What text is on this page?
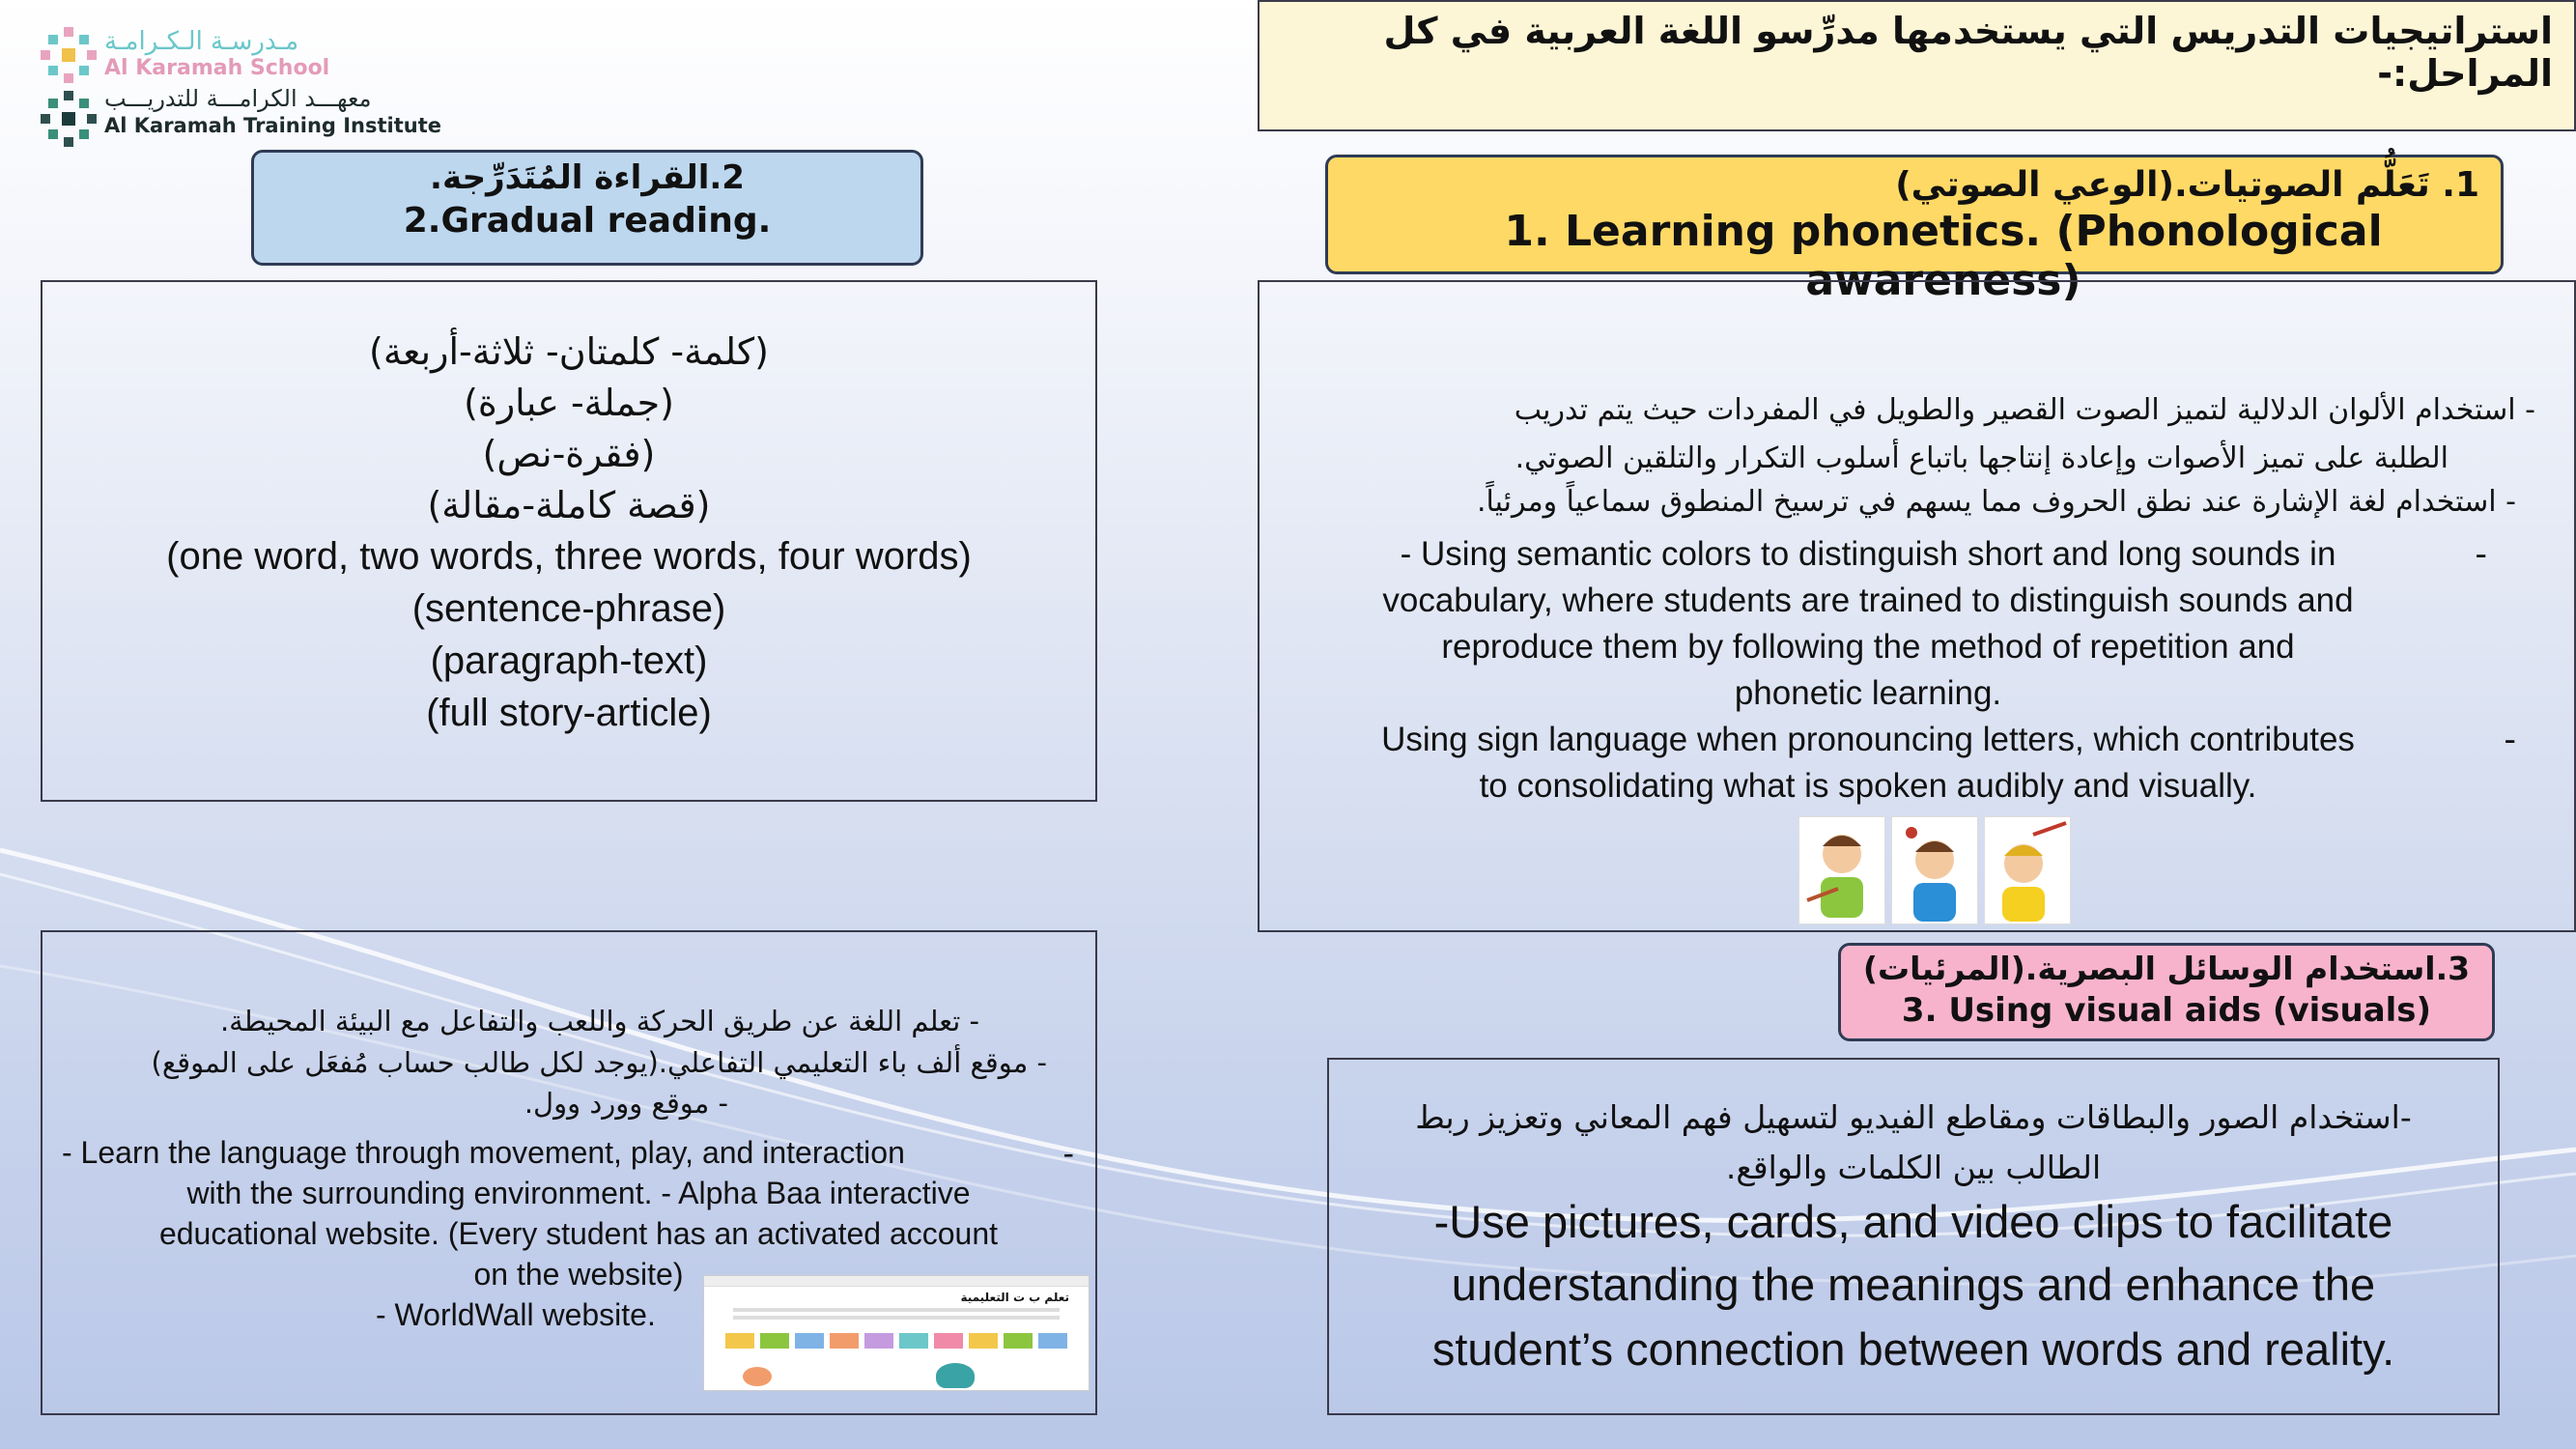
مـدرسـة الـكـرامـة
Al Karamah School
معهـــد الكرامـــة للتدريـــب
Al Karamah Training Institute
استراتيجيات التدريس التي يستخدمها مدرِّسو اللغة العربية في كل المراحل:-
1. تَعَلُّم الصوتيات.(الوعي الصوتي)
1. Learning phonetics. (Phonological awareness)
- استخدام الألوان الدلالية لتميز الصوت القصير والطويل في المفردات حيث يتم تدريب
الطلبة على تميز الأصوات وإعادة إنتاجها باتباع أسلوب التكرار والتلقين الصوتي.
- استخدام لغة الإشارة عند نطق الحروف مما يسهم في ترسيخ المنطوق سماعياً ومرئياً.
- Using semantic colors to distinguish short and long sounds in	-
vocabulary, where students are trained to distinguish sounds and
reproduce them by following the method of repetition and
phonetic learning.
Using sign language when pronouncing letters, which contributes	-
to consolidating what is spoken audibly and visually.
2.القراءة المُتَدَرِّجة.
2.Gradual reading.
(كلمة- كلمتان- ثلاثة-أربعة)
(جملة- عبارة)
(فقرة-نص)
(قصة كاملة-مقالة)
(one word, two words, three words, four words)
(sentence-phrase)
(paragraph-text)
(full story-article)
3.استخدام الوسائل البصرية.(المرئيات)
3. Using visual aids (visuals)
-استخدام الصور والبطاقات ومقاطع الفيديو لتسهيل فهم المعاني وتعزيز ربط
الطالب بين الكلمات والواقع.
-Use pictures, cards, and video clips to facilitate
understanding the meanings and enhance the
student’s connection between words and reality.
- تعلم اللغة عن طريق الحركة واللعب والتفاعل مع البيئة المحيطة.
- موقع ألف باء التعليمي التفاعلي.(يوجد لكل طالب حساب مُفعَل على الموقع)
- موقع وورد وول.
- Learn the language through movement, play, and interaction	-
with the surrounding environment. - Alpha Baa interactive
educational website. (Every student has an activated account
on the website)
- WorldWall website.	تعلم ب ت التعليمية
